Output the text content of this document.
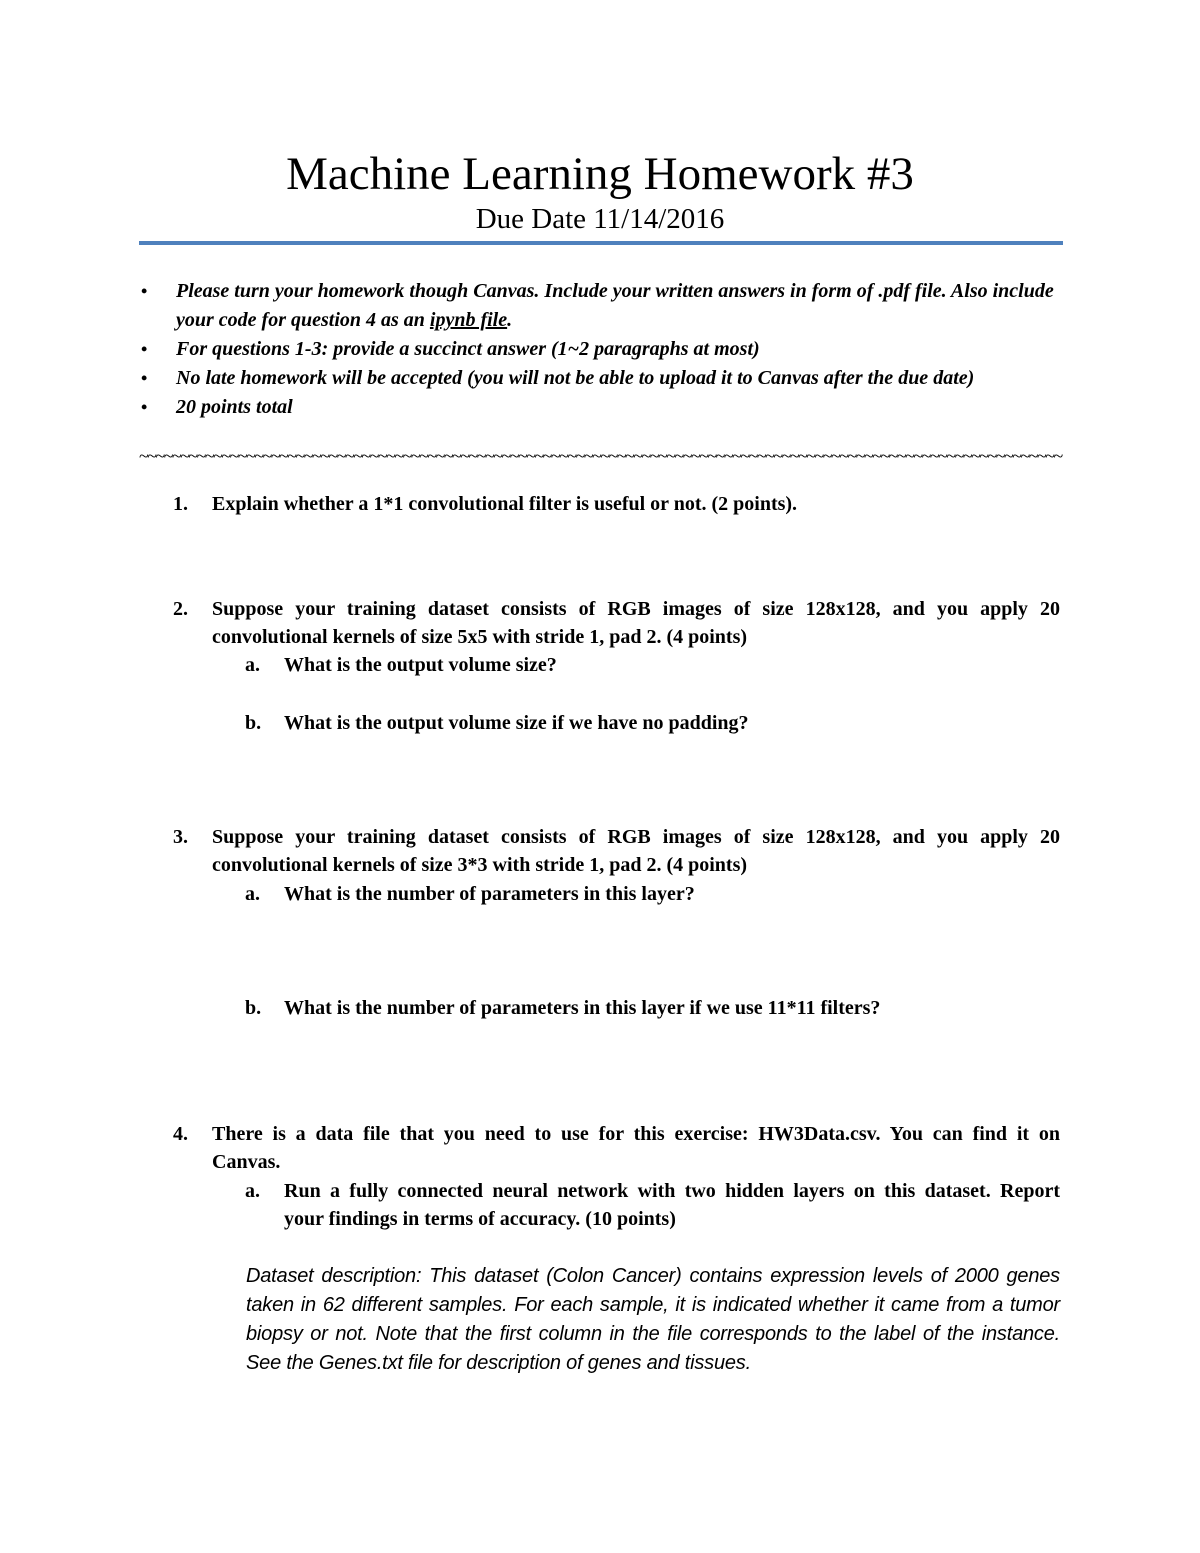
Machine Learning Homework #3
Due Date 11/14/2016
• Please turn your homework though Canvas. Include your written answers in form of .pdf file. Also include your code for question 4 as an ipynb file.
• For questions 1-3: provide a succinct answer (1~2 paragraphs at most)
• No late homework will be accepted (you will not be able to upload it to Canvas after the due date)
• 20 points total
~~~~~~~~~~~~~~~~~~~~~~~~~~~~~~~~~~~~~~~~~~~~~~~~~~~~~~~~~~~~~~~~~~~~~~~~~~~~~~~~~~~~~~~~~~~~~~~~~~~~~~~~~~~~~~~~
1. Explain whether a 1*1 convolutional filter is useful or not. (2 points).
2. Suppose your training dataset consists of RGB images of size 128x128, and you apply 20
convolutional kernels of size 5x5 with stride 1, pad 2. (4 points)
a. What is the output volume size?
b. What is the output volume size if we have no padding?
3. Suppose your training dataset consists of RGB images of size 128x128, and you apply 20
convolutional kernels of size 3*3 with stride 1, pad 2. (4 points)
a. What is the number of parameters in this layer?
b. What is the number of parameters in this layer if we use 11*11 filters?
4. There is a data file that you need to use for this exercise: HW3Data.csv. You can find it on
Canvas.
a. Run a fully connected neural network with two hidden layers on this dataset. Report
your findings in terms of accuracy. (10 points)
Dataset description: This dataset (Colon Cancer) contains expression levels of 2000 genes taken in 62 different samples. For each sample, it is indicated whether it came from a tumor biopsy or not. Note that the first column in the file corresponds to the label of the instance. See the Genes.txt file for description of genes and tissues.
